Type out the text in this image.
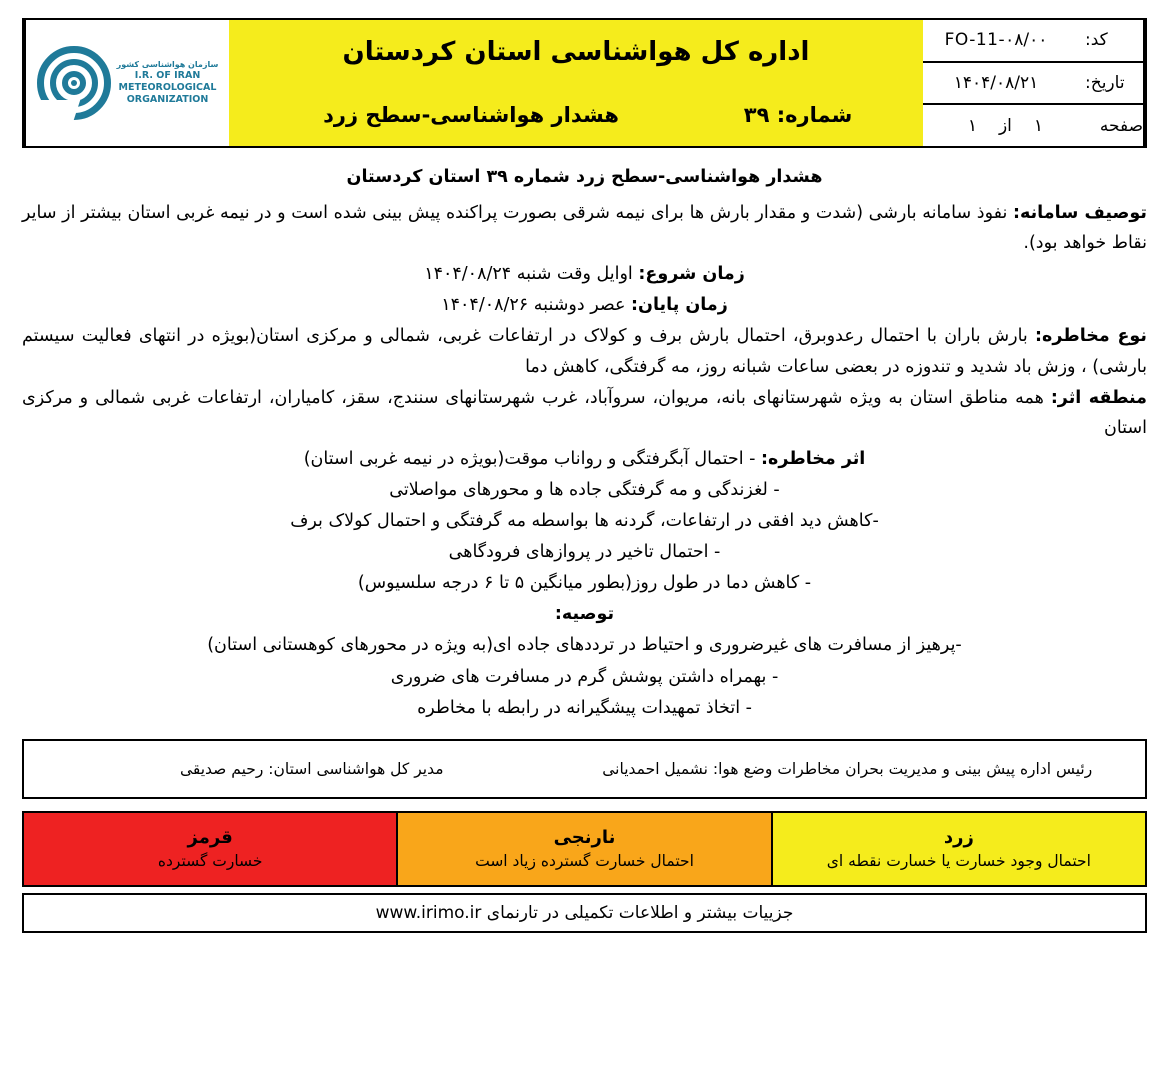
کد:
FO-11-۰۸/۰۰
تاریخ:
۱۴۰۴/۰۸/۲۱
صفحه
۱
از
۱
اداره کل هواشناسی استان کردستان
شماره: ۳۹
هشدار هواشناسی-سطح زرد
سازمان هواشناسی کشور
I.R. OF IRAN
METEOROLOGICAL
ORGANIZATION
هشدار هواشناسی-سطح زرد شماره ۳۹ استان کردستان

توصیف سامانه: نفوذ سامانه بارشی (شدت و مقدار بارش ها برای نیمه شرقی بصورت پراکنده پیش بینی شده است و در نیمه غربی استان بیشتر از سایر نقاط خواهد بود).

زمان شروع: اوایل وقت شنبه ۱۴۰۴/۰۸/۲۴

زمان پایان: عصر دوشنبه ۱۴۰۴/۰۸/۲۶

نوع مخاطره: بارش باران با احتمال رعدوبرق، احتمال بارش برف و کولاک در ارتفاعات غربی، شمالی و مرکزی استان(بویژه در انتهای فعالیت سیستم بارشی) ، وزش باد شدید و تندوزه در بعضی ساعات شبانه روز، مه گرفتگی، کاهش دما

منطقه اثر: همه مناطق استان به ویژه شهرستانهای بانه، مریوان، سروآباد، غرب شهرستانهای سنندج، سقز، کامیاران، ارتفاعات غربی شمالی و مرکزی استان

اثر مخاطره: - احتمال آبگرفتگی و رواناب موقت(بویژه در نیمه غربی استان)

- لغزندگی و مه گرفتگی جاده ها و محورهای مواصلاتی

-کاهش دید افقی در ارتفاعات، گردنه ها بواسطه مه گرفتگی و احتمال کولاک برف

- احتمال تاخیر در پروازهای فرودگاهی

- کاهش دما در طول روز(بطور میانگین ۵ تا ۶ درجه سلسیوس)

توصیه:

-پرهیز از مسافرت های غیرضروری و احتیاط در ترددهای جاده ای(به ویژه در محورهای کوهستانی استان)

- بهمراه داشتن پوشش گرم در مسافرت های ضروری

- اتخاذ تمهیدات پیشگیرانه در رابطه با مخاطره

رئیس اداره پیش بینی و مدیریت بحران مخاطرات وضع هوا: نشمیل احمدیانی
مدیر کل هواشناسی استان: رحیم صدیقی
زرد
احتمال وجود خسارت یا خسارت نقطه ای
نارنجی
احتمال خسارت گسترده زیاد است
قرمز
خسارت گسترده
جزییات بیشتر و اطلاعات تکمیلی در تارنمای www.irimo.ir
